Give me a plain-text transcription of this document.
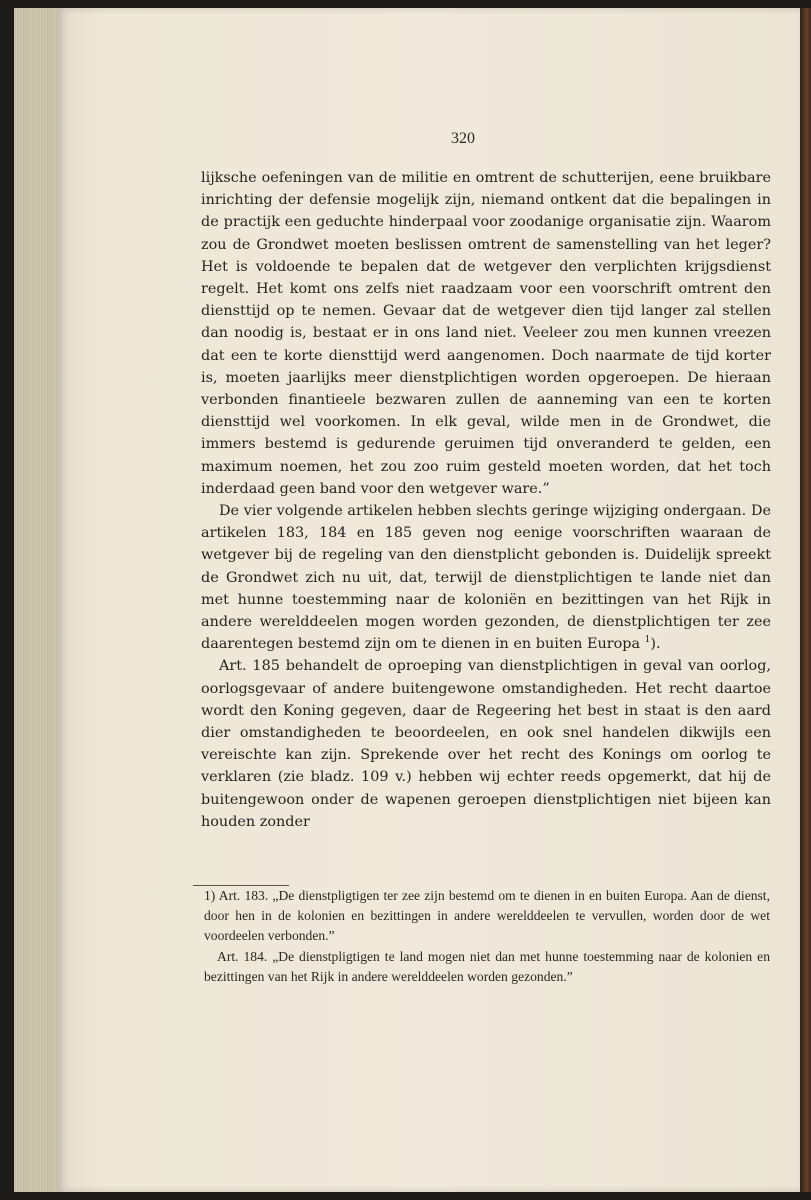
320

lijksche oefeningen van de militie en omtrent de schutterijen, eene bruikbare inrichting der defensie mogelijk zijn, niemand ontkent dat die bepalingen in de practijk een geduchte hinderpaal voor zoodanige organisatie zijn. Waarom zou de Grondwet moeten beslissen omtrent de samenstelling van het leger? Het is voldoende te bepalen dat de wetgever den verplichten krijgsdienst regelt. Het komt ons zelfs niet raadzaam voor een voorschrift omtrent den diensttijd op te nemen. Gevaar dat de wetgever dien tijd langer zal stellen dan noodig is, bestaat er in ons land niet. Veeleer zou men kunnen vreezen dat een te korte diensttijd werd aangenomen. Doch naarmate de tijd korter is, moeten jaarlijks meer dienstplichtigen worden opgeroepen. De hieraan verbonden finantieele bezwaren zullen de aanneming van een te korten diensttijd wel voorkomen. In elk geval, wilde men in de Grondwet, die immers bestemd is gedurende geruimen tijd onveranderd te gelden, een maximum noemen, het zou zoo ruim gesteld moeten worden, dat het toch inderdaad geen band voor den wetgever ware.”

De vier volgende artikelen hebben slechts geringe wijziging ondergaan. De artikelen 183, 184 en 185 geven nog eenige voorschriften waaraan de wetgever bij de regeling van den dienstplicht gebonden is. Duidelijk spreekt de Grondwet zich nu uit, dat, terwijl de dienstplichtigen te lande niet dan met hunne toestemming naar de koloniën en bezittingen van het Rijk in andere werelddeelen mogen worden gezonden, de dienstplichtigen ter zee daarentegen bestemd zijn om te dienen in en buiten Europa $^1$).

Art. 185 behandelt de oproeping van dienstplichtigen in geval van oorlog, oorlogsgevaar of andere buitengewone omstandigheden. Het recht daartoe wordt den Koning gegeven, daar de Regeering het best in staat is den aard dier omstandigheden te beoordeelen, en ook snel handelen dikwijls een vereischte kan zijn. Sprekende over het recht des Konings om oorlog te verklaren (zie bladz. 109 v.) hebben wij echter reeds opgemerkt, dat hij de buitengewoon onder de wapenen geroepen dienstplichtigen niet bijeen kan houden zonder

1) Art. 183. „De dienstpligtigen ter zee zijn bestemd om te dienen in en buiten Europa. Aan de dienst, door hen in de kolonien en bezittingen in andere werelddeelen te vervullen, worden door de wet voordeelen verbonden.”

Art. 184. „De dienstpligtigen te land mogen niet dan met hunne toestemming naar de kolonien en bezittingen van het Rijk in andere werelddeelen worden gezonden.”
